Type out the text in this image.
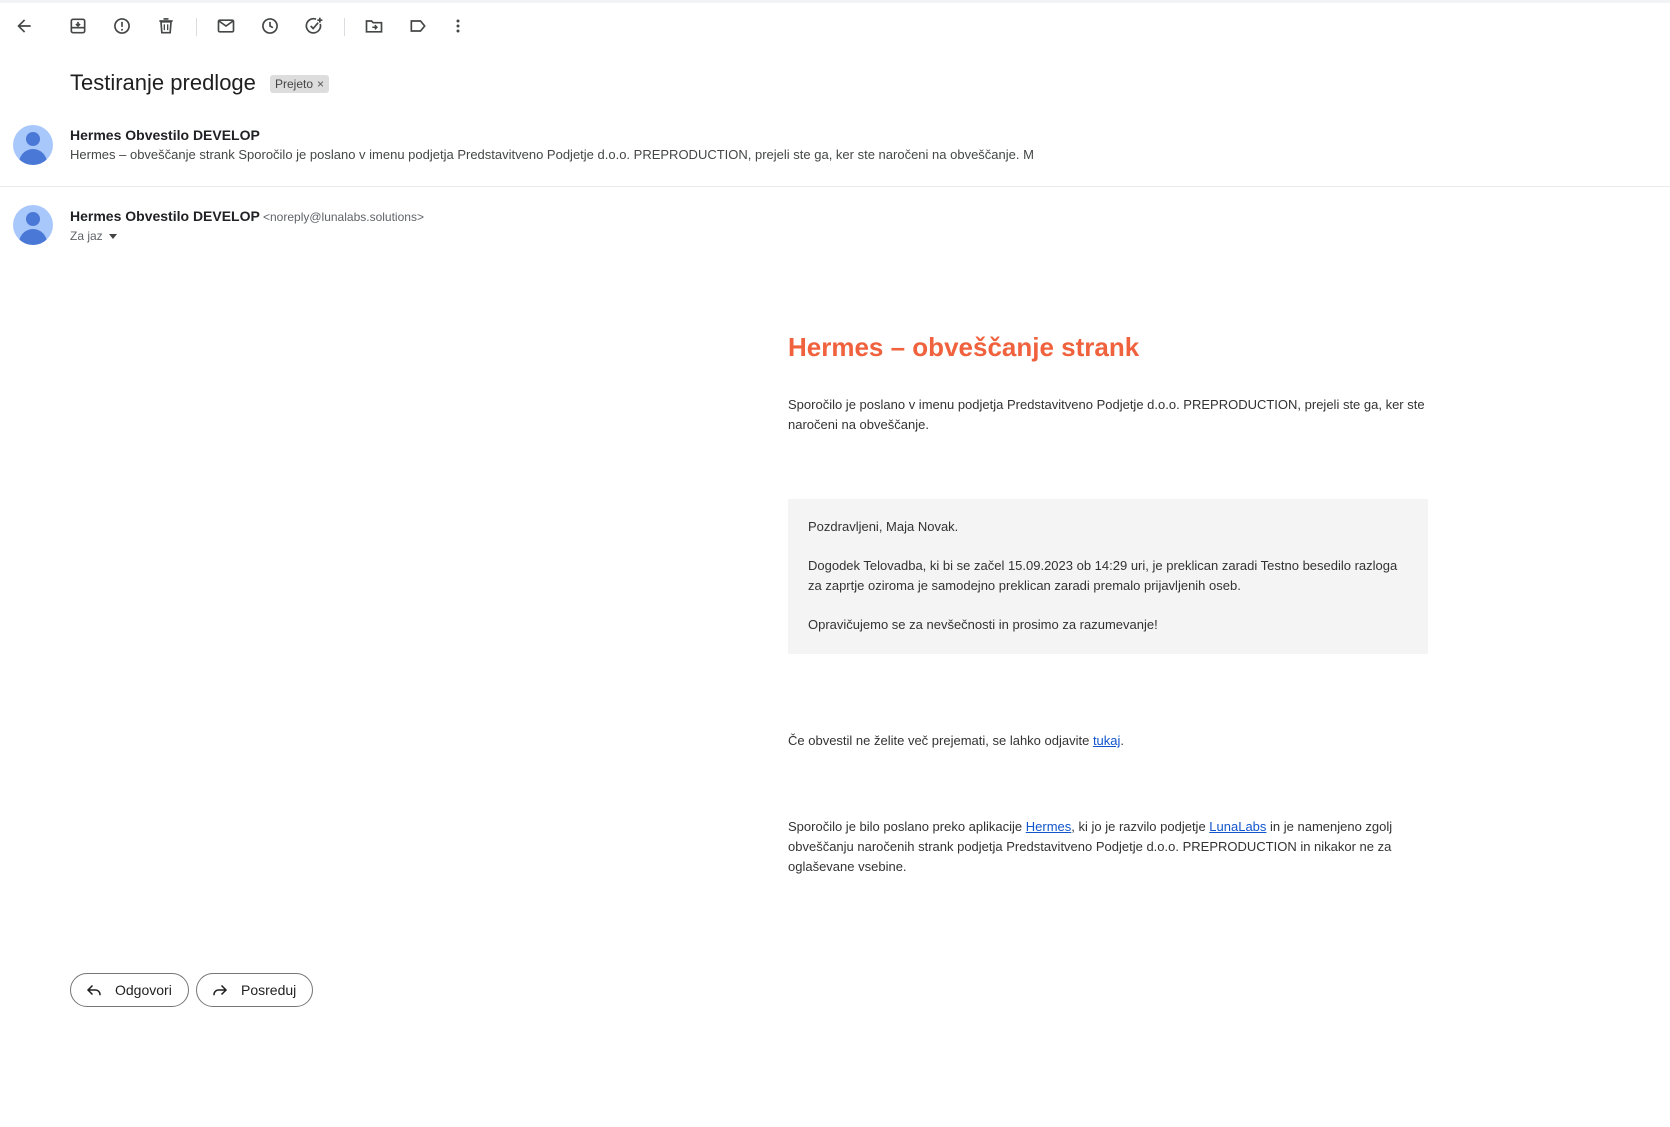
Testiranje predloge Prejeto ×
Hermes Obvestilo DEVELOP
Hermes – obveščanje strank Sporočilo je poslano v imenu podjetja Predstavitveno Podjetje d.o.o. PREPRODUCTION, prejeli ste ga, ker ste naročeni na obveščanje. M
Hermes Obvestilo DEVELOP <noreply@lunalabs.solutions>
Za jaz
Hermes – obveščanje strank

Sporočilo je poslano v imenu podjetja Predstavitveno Podjetje d.o.o. PREPRODUCTION, prejeli ste ga, ker ste naročeni na obveščanje.

Pozdravljeni, Maja Novak.

Dogodek Telovadba, ki bi se začel 15.09.2023 ob 14:29 uri, je preklican zaradi Testno besedilo razloga za zaprtje oziroma je samodejno preklican zaradi premalo prijavljenih oseb.

Opravičujemo se za nevšečnosti in prosimo za razumevanje!

Če obvestil ne želite več prejemati, se lahko odjavite tukaj.

Sporočilo je bilo poslano preko aplikacije Hermes, ki jo je razvilo podjetje LunaLabs in je namenjeno zgolj obveščanju naročenih strank podjetja Predstavitveno Podjetje d.o.o. PREPRODUCTION in nikakor ne za oglaševane vsebine.

Odgovori	Posreduj
